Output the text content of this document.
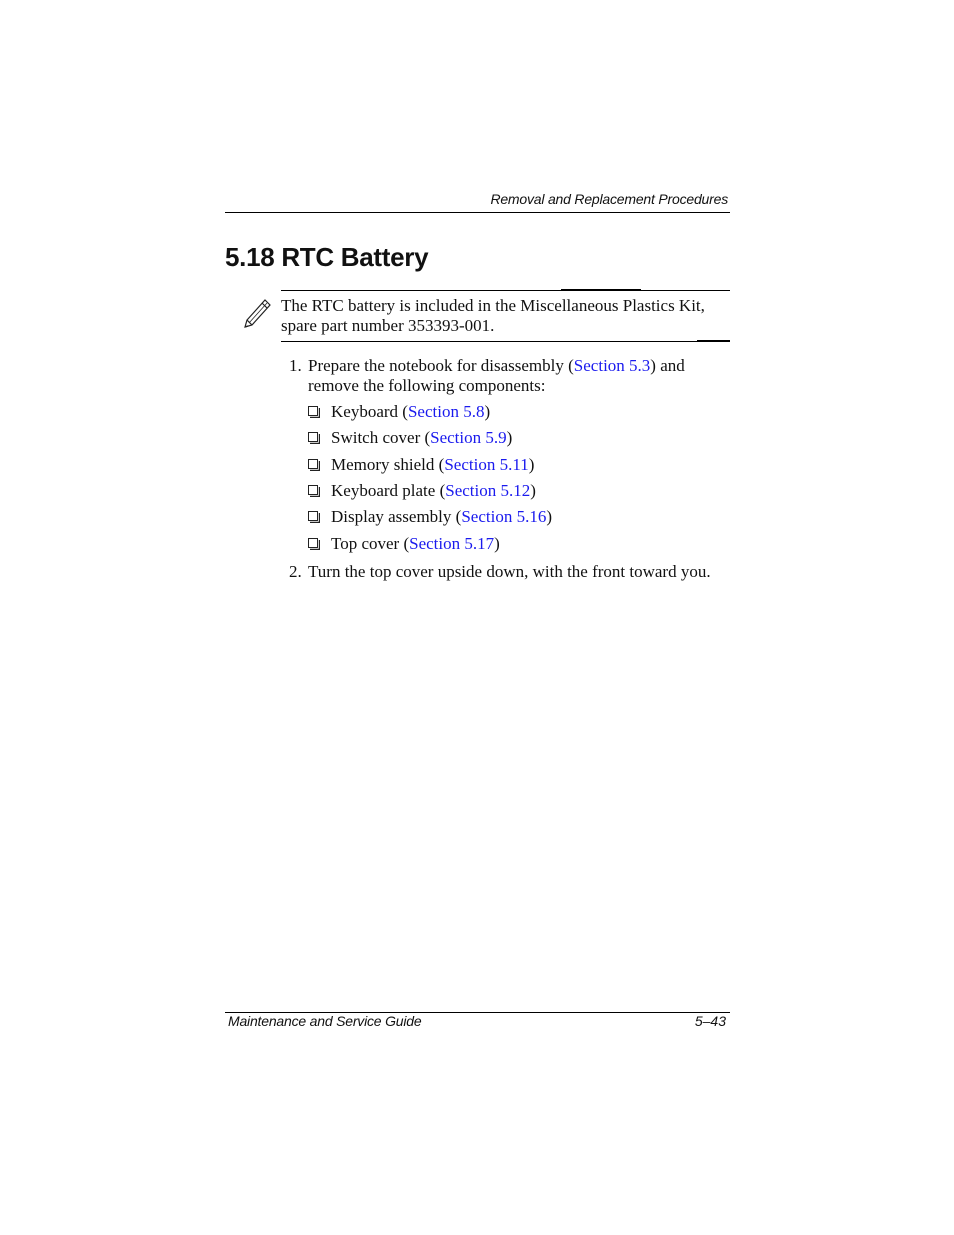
Removal and Replacement Procedures
5.18 RTC Battery
The RTC battery is included in the Miscellaneous Plastics Kit, spare part number 353393-001.
1. Prepare the notebook for disassembly (Section 5.3) and remove the following components:
Keyboard (Section 5.8)
Switch cover (Section 5.9)
Memory shield (Section 5.11)
Keyboard plate (Section 5.12)
Display assembly (Section 5.16)
Top cover (Section 5.17)
2. Turn the top cover upside down, with the front toward you.
Maintenance and Service Guide	5–43
